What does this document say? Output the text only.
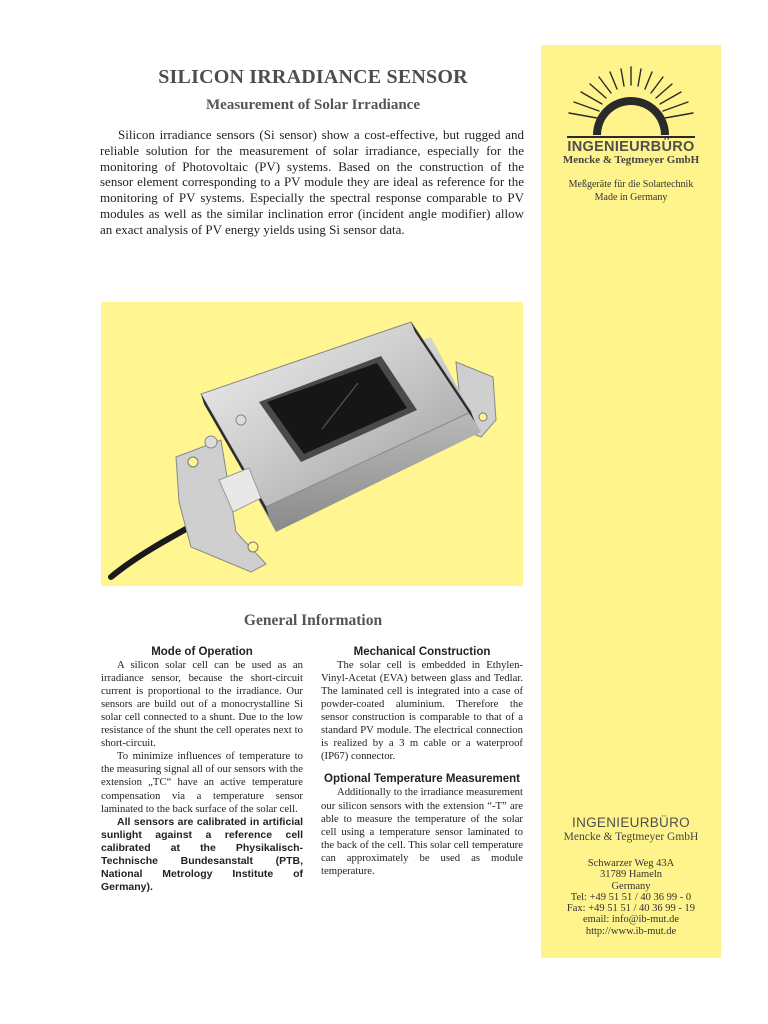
INGENIEURBÜRO
Mencke & Tegtmeyer GmbH
Meßgeräte für die Solartechnik
Made in Germany
INGENIEURBÜRO
Mencke & Tegtmeyer GmbH
Schwarzer Weg 43A
31789 Hameln
Germany
Tel: +49 51 51 / 40 36 99 - 0
Fax: +49 51 51 / 40 36 99 - 19
email: info@ib-mut.de
http://www.ib-mut.de
SILICON IRRADIANCE SENSOR
Measurement of Solar Irradiance

Silicon irradiance sensors (Si sensor) show a cost-effective, but rugged and reliable solution for the measurement of solar irradiance, especially for the monitoring of Photovoltaic (PV) systems. Based on the construction of the sensor element corresponding to a PV module they are ideal as reference for the monitoring of PV systems. Especially the spectral response comparable to PV modules as well as the similar inclination error (incident angle modifier) allow an exact analysis of PV energy yields using Si sensor data.

General Information
Mode of Operation

A silicon solar cell can be used as an irradiance sensor, because the short-circuit current is proportional to the irradiance. Our sensors are build out of a monocrystalline Si solar cell connected to a shunt. Due to the low resistance of the shunt the cell operates next to short-circuit.

To minimize influences of temperature to the measuring signal all of our sensors with the extension „TC“ have an active temperature compensation via a temperature sensor laminated to the back surface of the solar cell.

All sensors are calibrated in artificial sunlight against a reference cell calibrated at the Physikalisch-Technische Bundesanstalt (PTB, National Metrology Institute of Germany).

Mechanical Construction

The solar cell is embedded in Ethylen-Vinyl-Acetat (EVA) between glass and Tedlar. The laminated cell is integrated into a case of powder-coated aluminium. Therefore the sensor construction is comparable to that of a standard PV module. The electrical connection is realized by a 3 m cable or a waterproof (IP67) connector.

Optional Temperature Measurement

Additionally to the irradiance measurement our silicon sensors with the extension “-T” are able to measure the temperature of the solar cell using a temperature sensor laminated to the back of the cell. This solar cell temperature can approximately be used as module temperature.
